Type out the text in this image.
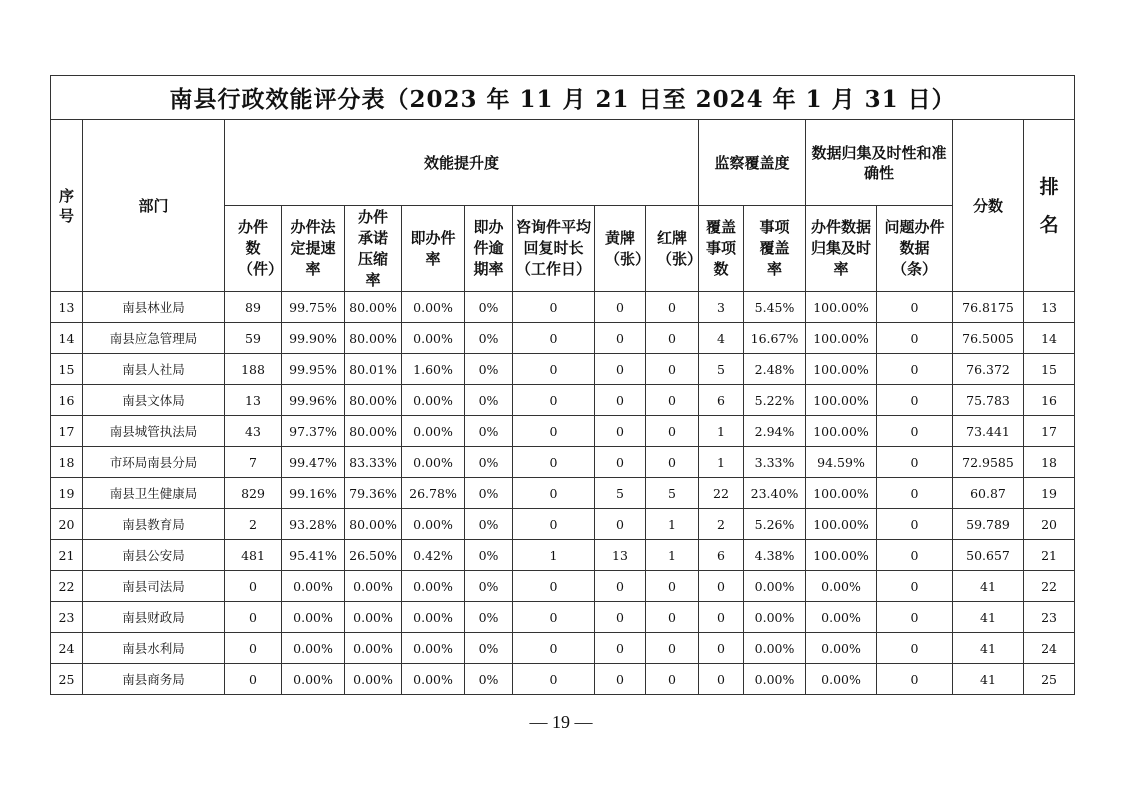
南县行政效能评分表（2023 年 11 月 21 日至 2024 年 1 月 31 日）															

序号	部门	效能提升度								监察覆盖度		数据归集及时性和准确性		分数	排名

		办件数（件）	办件法定提速率	办件承诺压缩率	即办件率	即办件逾期率	咨询件平均回复时长（工作日）	黄牌（张）	红牌（张）	覆盖事项数	事项覆盖率	办件数据归集及时率	问题办件数据（条）		

13	南县林业局	89	99.75%	80.00%	0.00%	0%	0	0	0	3	5.45%	100.00%	0	76.8175	13
14	南县应急管理局	59	99.90%	80.00%	0.00%	0%	0	0	0	4	16.67%	100.00%	0	76.5005	14
15	南县人社局	188	99.95%	80.01%	1.60%	0%	0	0	0	5	2.48%	100.00%	0	76.372	15
16	南县文体局	13	99.96%	80.00%	0.00%	0%	0	0	0	6	5.22%	100.00%	0	75.783	16
17	南县城管执法局	43	97.37%	80.00%	0.00%	0%	0	0	0	1	2.94%	100.00%	0	73.441	17
18	市环局南县分局	7	99.47%	83.33%	0.00%	0%	0	0	0	1	3.33%	94.59%	0	72.9585	18
19	南县卫生健康局	829	99.16%	79.36%	26.78%	0%	0	5	5	22	23.40%	100.00%	0	60.87	19
20	南县教育局	2	93.28%	80.00%	0.00%	0%	0	0	1	2	5.26%	100.00%	0	59.789	20
21	南县公安局	481	95.41%	26.50%	0.42%	0%	1	13	1	6	4.38%	100.00%	0	50.657	21
22	南县司法局	0	0.00%	0.00%	0.00%	0%	0	0	0	0	0.00%	0.00%	0	41	22
23	南县财政局	0	0.00%	0.00%	0.00%	0%	0	0	0	0	0.00%	0.00%	0	41	23
24	南县水利局	0	0.00%	0.00%	0.00%	0%	0	0	0	0	0.00%	0.00%	0	41	24
25	南县商务局	0	0.00%	0.00%	0.00%	0%	0	0	0	0	0.00%	0.00%	0	41	25
— 19 —
